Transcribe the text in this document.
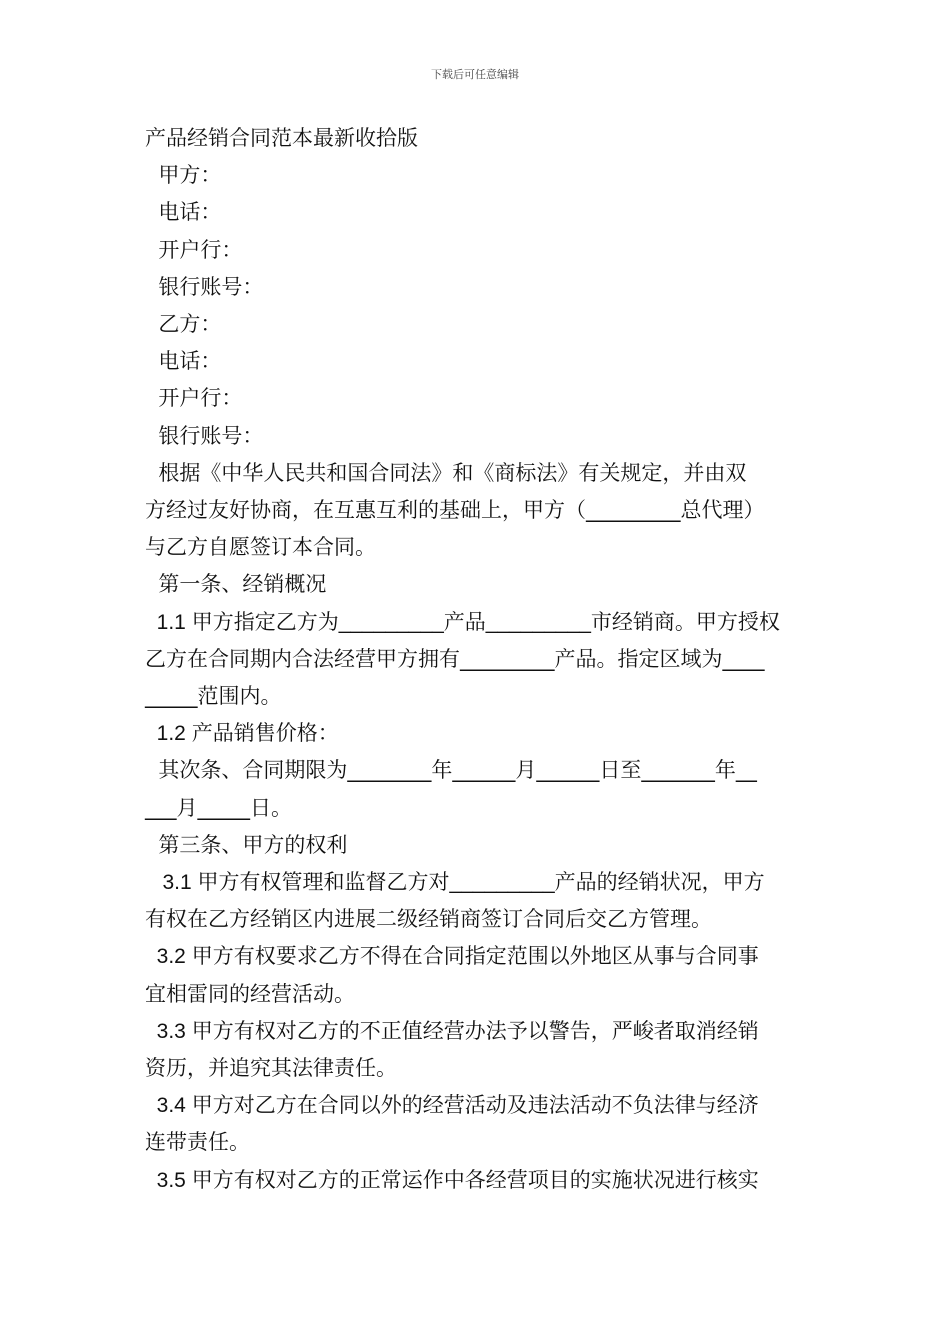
下载后可任意编辑

产品经销合同范本最新收拾版

甲方：

电话：

开户行：

银行账号：

乙方：

电话：

开户行：

银行账号：

根据《中华人民共和国合同法》和《商标法》有关规定，并由双

方经过友好协商，在互惠互利的基础上，甲方（_________总代理）

与乙方自愿签订本合同。

第一条、经销概况

1.1 甲方指定乙方为_________产品_________市经销商。甲方授权

乙方在合同期内合法经营甲方拥有_________产品。指定区域为____

_____范围内。

1.2 产品销售价格：

其次条、合同期限为________年______月______日至_______年__

___月_____日。

第三条、甲方的权利

3.1 甲方有权管理和监督乙方对_________产品的经销状况，甲方

有权在乙方经销区内进展二级经销商签订合同后交乙方管理。

3.2 甲方有权要求乙方不得在合同指定范围以外地区从事与合同事

宜相雷同的经营活动。

3.3 甲方有权对乙方的不正值经营办法予以警告，严峻者取消经销

资历，并追究其法律责任。

3.4 甲方对乙方在合同以外的经营活动及违法活动不负法律与经济

连带责任。

3.5 甲方有权对乙方的正常运作中各经营项目的实施状况进行核实
